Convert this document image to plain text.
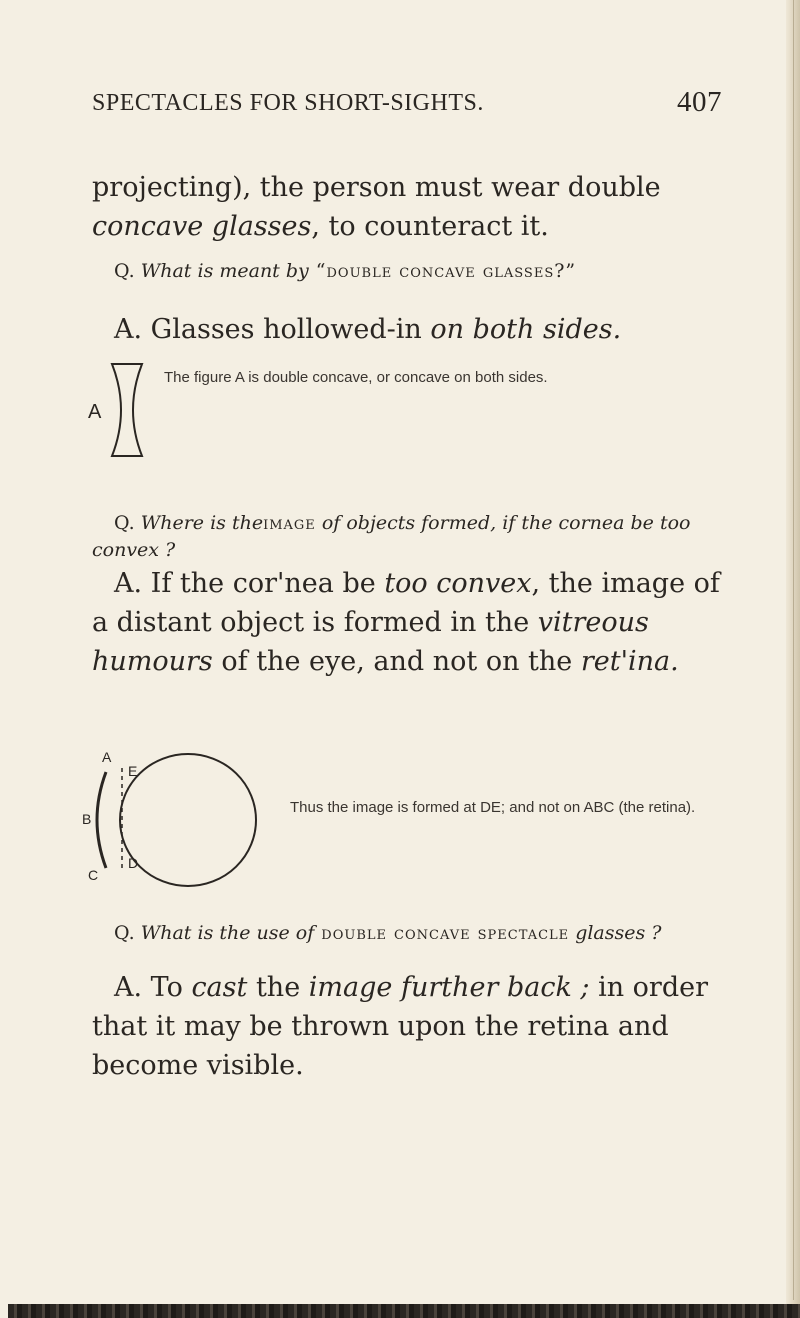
SPECTACLES FOR SHORT-SIGHTS.	407
projecting), the person must wear double concave glasses, to counteract it.
Q. What is meant by “double concave glasses?”
A. Glasses hollowed-in on both sides.
A
The figure A is double concave, or concave on both sides.
Q. Where is theimage of objects formed, if the cornea be too convex ?
A. If the cor'nea be too convex, the image of a distant object is formed in the vitreous humours of the eye, and not on the ret'ina.
A
B
C
E
D
Thus the image is formed at DE; and not on ABC (the retina).
Q. What is the use of double concave spectacle glasses ?
A. To cast the image further back ; in order that it may be thrown upon the retina and become visible.
